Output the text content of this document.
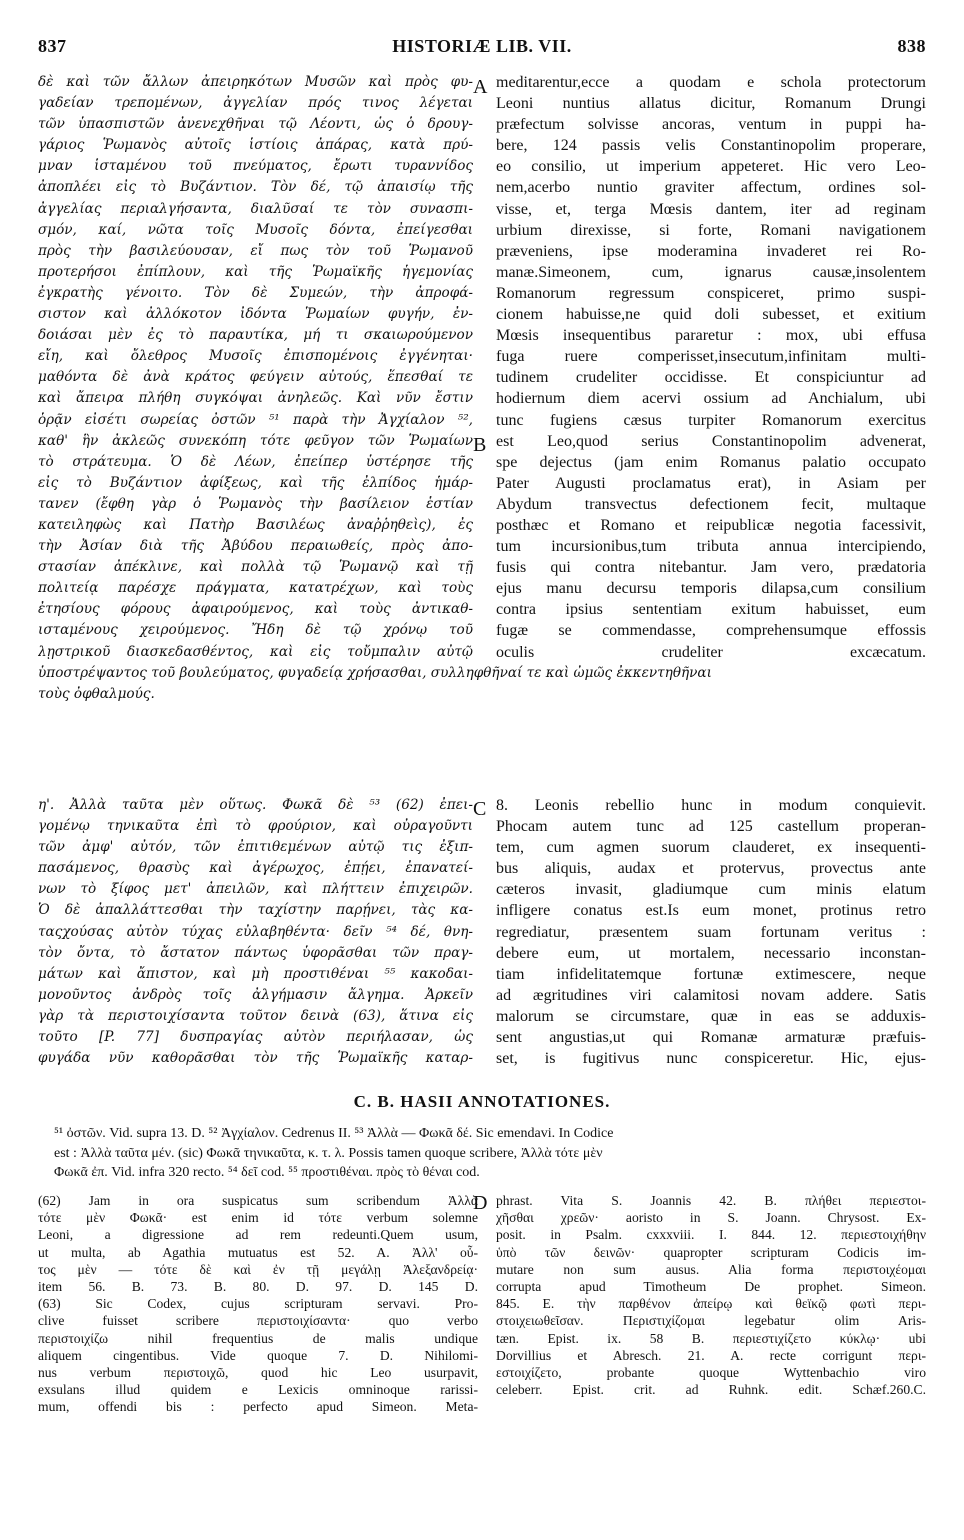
837	HISTORIÆ LIB. VII.	838
A
B
C
D
δὲ καὶ τῶν ἄλλων ἀπειρηκότων Μυσῶν καὶ πρὸς φυ-
γαδείαν τρεπομένων, ἀγγελίαν πρός τινος λέγεται
τῶν ὑπασπιστῶν ἀνενεχθῆναι τῷ Λέοντι, ὡς ὁ δρουγ-
γάριος Ῥωμανὸς αὐτοῖς ἱστίοις ἀπάρας, κατὰ πρύ-
μναν ἱσταμένου τοῦ πνεύματος, ἔρωτι τυραννίδος
ἀποπλέει εἰς τὸ Βυζάντιον. Τὸν δέ, τῷ ἀπαισίῳ τῆς
ἀγγελίας περιαλγήσαντα, διαλῦσαί τε τὸν συνασπι-
σμόν, καί, νῶτα τοῖς Μυσοῖς δόντα, ἐπείγεσθαι
πρὸς τὴν βασιλεύουσαν, εἴ πως τὸν τοῦ Ῥωμανοῦ
προτερήσοι ἐπίπλουν, καὶ τῆς Ῥωμαϊκῆς ἡγεμονίας
ἐγκρατὴς γένοιτο. Τὸν δὲ Συμεών, τὴν ἀπροφά-
σιστον καὶ ἀλλόκοτον ἰδόντα Ῥωμαίων φυγήν, ἐν-
δοιάσαι μὲν ἐς τὸ παραυτίκα, μή τι σκαιωρούμενον
εἴη, καὶ ὄλεθρος Μυσοῖς ἐπισπομένοις ἐγγένηται·
μαθόντα δὲ ἀνὰ κράτος φεύγειν αὐτούς, ἕπεσθαί τε
καὶ ἄπειρα πλήθη συγκόψαι ἀνηλεῶς. Καὶ νῦν ἔστιν
ὁρᾷν εἰσέτι σωρείας ὀστῶν ⁵¹ παρὰ τὴν Ἀγχίαλον ⁵²,
καθ' ἣν ἀκλεῶς συνεκόπη τότε φεῦγον τῶν Ῥωμαίων
τὸ στράτευμα. Ὁ δὲ Λέων, ἐπείπερ ὑστέρησε τῆς
εἰς τὸ Βυζάντιον ἀφίξεως, καὶ τῆς ἐλπίδος ἡμάρ-
τανεν (ἔφθη γὰρ ὁ Ῥωμανὸς τὴν βασίλειον ἑστίαν
κατειληφὼς καὶ Πατὴρ Βασιλέως ἀναῤῥηθεὶς), ἐς
τὴν Ἀσίαν διὰ τῆς Ἀβύδου περαιωθείς, πρὸς ἀπο-
στασίαν ἀπέκλινε, καὶ πολλὰ τῷ Ῥωμανῷ καὶ τῇ
πολιτείᾳ παρέσχε πράγματα, κατατρέχων, καὶ τοὺς
ἐτησίους φόρους ἀφαιρούμενος, καὶ τοὺς ἀντικαθ-
ισταμένους χειρούμενος. Ἤδη δὲ τῷ χρόνῳ τοῦ
λῃστρικοῦ διασκεδασθέντος, καὶ εἰς τοὔμπαλιν αὐτῷ
meditarentur,ecce a quodam e schola protectorum
Leoni nuntius allatus dicitur, Romanum Drungi
præfectum solvisse ancoras, ventum in puppi ha-
bere, 124 passis velis Constantinopolim properare,
eo consilio, ut imperium appeteret. Hic vero Leo-
nem,acerbo nuntio graviter affectum, ordines sol-
visse, et, terga Mœsis dantem, iter ad reginam
urbium direxisse, si forte, Romani navigationem
præveniens, ipse moderamina invaderet rei Ro-
manæ.Simeonem, cum, ignarus causæ,insolentem
Romanorum regressum conspiceret, primo suspi-
cionem habuisse,ne quid doli subesset, et exitium
Mœsis insequentibus pararetur : mox, ubi effusa
fuga ruere comperisset,insecutum,infinitam multi-
tudinem crudeliter occidisse. Et conspiciuntur ad
hodiernum diem acervi ossium ad Anchialum, ubi
tunc fugiens cæsus turpiter Romanorum exercitus
est Leo,quod serius Constantinopolim advenerat,
spe dejectus (jam enim Romanus palatio occupato
Pater Augusti proclamatus erat), in Asiam per
Abydum transvectus defectionem fecit, multaque
posthæc et Romano et reipublicæ negotia facessivit,
tum incursionibus,tum tributa annua intercipiendo,
fusis qui contra nitebantur. Jam vero, prædatoria
ejus manu decursu temporis dilapsa,cum consilium
contra ipsius sententiam exitum habuisset, eum
fugæ se commendasse, comprehensumque effossis
oculis crudeliter excæcatum.
ὑποστρέψαντος τοῦ βουλεύματος, φυγαδείᾳ χρήσασθαι, συλληφθῆναί τε καὶ ὠμῶς ἐκκεντηθῆναι
τοὺς ὀφθαλμούς.
η'. Ἀλλὰ ταῦτα μὲν οὕτως. Φωκᾶ δὲ ⁵³ (62) ἐπει-
γομένῳ τηνικαῦτα ἐπὶ τὸ φρούριον, καὶ οὐραγοῦντι
τῶν ἀμφ' αὐτόν, τῶν ἐπιτιθεμένων αὐτῷ τις ἐξιπ-
πασάμενος, θρασὺς καὶ ἀγέρωχος, ἐπῄει, ἐπανατεί-
νων τὸ ξίφος μετ' ἀπειλῶν, καὶ πλήττειν ἐπιχειρῶν.
Ὁ δὲ ἀπαλλάττεσθαι τὴν ταχίστην παρῄνει, τὰς κα-
ταςχούσας αὐτὸν τύχας εὐλαβηθέντα· δεῖν ⁵⁴ δέ, θνη-
τὸν ὄντα, τὸ ἄστατον πάντως ὑφορᾶσθαι τῶν πραγ-
μάτων καὶ ἄπιστον, καὶ μὴ προστιθέναι ⁵⁵ κακοδαι-
μονοῦντος ἀνδρὸς τοῖς ἀλγήμασιν ἄλγημα. Ἀρκεῖν
γὰρ τὰ περιστοιχίσαντα τοῦτον δεινὰ (63), ἅτινα εἰς
τοῦτο [P. 77] δυσπραγίας αὐτὸν περιήλασαν, ὡς
φυγάδα νῦν καθορᾶσθαι τὸν τῆς Ῥωμαϊκῆς καταρ-
8. Leonis rebellio hunc in modum conquievit.
Phocam autem tunc ad 125 castellum properan-
tem, cum agmen suorum clauderet, ex insequenti-
bus aliquis, audax et protervus, provectus ante
cæteros invasit, gladiumque cum minis elatum
infligere conatus est.Is eum monet, protinus retro
regrediatur, præsentem suam fortunam veritus :
debere eum, ut mortalem, necessario inconstan-
tiam infidelitatemque fortunæ extimescere, neque
ad ægritudines viri calamitosi novam addere. Satis
malorum se circumstare, quæ in eas se adduxis-
sent angustias,ut qui Romanæ armaturæ præfuis-
set, is fugitivus nunc conspiceretur. Hic, ejus-
C. B. HASII ANNOTATIONES.
⁵¹ ὀστῶν. Vid. supra 13. D. ⁵² Ἀγχίαλον. Cedrenus II. ⁵³ Ἀλλὰ — Φωκᾶ δέ. Sic emendavi. In Codice
est : Ἀλλὰ ταῦτα μέν. (sic) Φωκᾶ τηνικαῦτα, κ. τ. λ. Possis tamen quoque scribere, Ἀλλὰ τότε μὲν
Φωκᾶ ἐπ. Vid. infra 320 recto. ⁵⁴ δεῖ cod. ⁵⁵ προστιθέναι. πρὸς τὸ θέναι cod.
(62) Jam in ora suspicatus sum scribendum Ἀλλὰ
τότε μὲν Φωκᾶ· est enim id τότε verbum solemne
Leoni, a digressione ad rem redeunti.Quem usum,
ut multa, ab Agathia mutuatus est 52. A. Ἀλλ' οὗ-
τος μὲν — τότε δὲ καὶ ἐν τῇ μεγάλῃ Ἀλεξανδρείᾳ·
item 56. B. 73. B. 80. D. 97. D. 145 D.
(63) Sic Codex, cujus scripturam servavi. Pro-
clive fuisset scribere περιστοιχίσαντα· quo verbo
περιστοιχίζω nihil frequentius de malis undique
aliquem cingentibus. Vide quoque 7. D. Nihilomi-
nus verbum περιστοιχῶ, quod hic Leo usurpavit,
exsulans illud quidem e Lexicis omninoque rarissi-
mum, offendi bis : perfecto apud Simeon. Meta-
phrast. Vita S. Joannis 42. B. πλήθει περιεστοι-
χῆσθαι χρεῶν· aoristo in S. Joann. Chrysost. Ex-
posit. in Psalm. cxxxviii. I. 844. 12. περιεστοιχήθην
ὑπὸ τῶν δεινῶν· quapropter scripturam Codicis im-
mutare non sum ausus. Alia forma περιστοιχέομαι
corrupta apud Timotheum De prophet. Simeon.
845. E. τὴν παρθένον ἀπείρῳ καὶ θεϊκῷ φωτὶ περι-
στοιχειωθεῖσαν. Περιστιχίζομαι legebatur olim Aris-
tæn. Epist. ix. 58 B. περιεστιχίζετο κύκλῳ· ubi
Dorvillius et Abresch. 21. A. recte corrigunt περι-
εστοιχίζετο, probante quoque Wyttenbachio viro
celeberr. Epist. crit. ad Ruhnk. edit. Schæf.260.C.
